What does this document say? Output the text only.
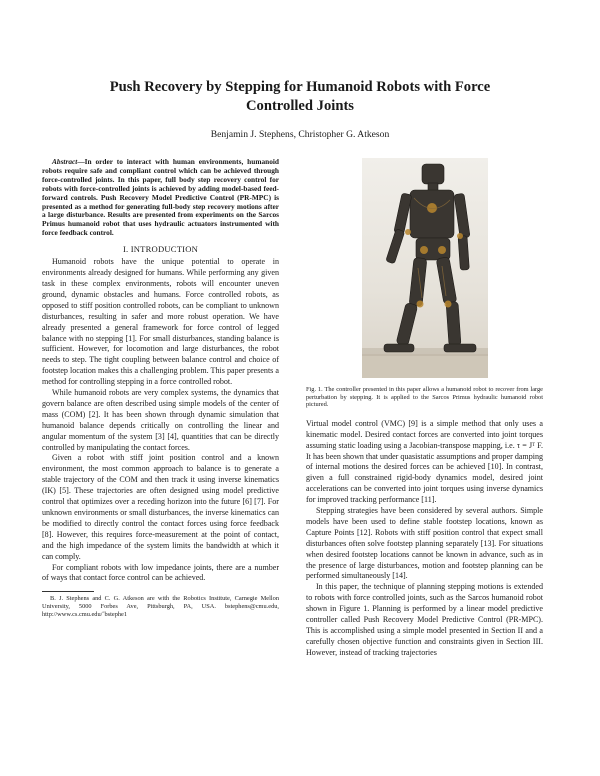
Push Recovery by Stepping for Humanoid Robots with Force
Controlled Joints
Benjamin J. Stephens, Christopher G. Atkeson

Abstract—In order to interact with human environments, humanoid robots require safe and compliant control which can be achieved through force-controlled joints. In this paper, full body step recovery control for robots with force-controlled joints is achieved by adding model-based feed-forward controls. Push Recovery Model Predictive Control (PR-MPC) is presented as a method for generating full-body step recovery motions after a large disturbance. Results are presented from experiments on the Sarcos Primus humanoid robot that uses hydraulic actuators instrumented with force feedback control.

I. INTRODUCTION

Humanoid robots have the unique potential to operate in environments already designed for humans. While performing any given task in these complex environments, robots will encounter uneven ground, dynamic obstacles and humans. Force controlled robots, as opposed to stiff position controlled robots, can be compliant to unknown disturbances, resulting in safer and more robust operation. We have already presented a general framework for force control of legged balance with no stepping [1]. For small disturbances, standing balance is sufficient. However, for locomotion and large disturbances, the robot needs to step. The tight coupling between balance control and choice of footstep location makes this a challenging problem. This paper presents a method for controlling stepping in a force controlled robot.

While humanoid robots are very complex systems, the dynamics that govern balance are often described using simple models of the center of mass (COM) [2]. It has been shown through dynamic simulation that humanoid balance depends critically on controlling the linear and angular momentum of the system [3] [4], quantities that can be directly controlled by manipulating the contact forces.

Given a robot with stiff joint position control and a known environment, the most common approach to balance is to generate a stable trajectory of the COM and then track it using inverse kinematics (IK) [5]. These trajectories are often designed using model predictive control that optimizes over a receding horizon into the future [6] [7]. For unknown environments or small disturbances, the inverse kinematics can be modified to directly control the contact forces using force feedback [8]. However, this requires force-measurement at the point of contact, and the high impedance of the system limits the bandwidth at which it can comply.

For compliant robots with low impedance joints, there are a number of ways that contact force control can be achieved.

B. J. Stephens and C. G. Atkeson are with the Robotics Institute, Carnegie Mellon University, 5000 Forbes Ave, Pittsburgh, PA, USA. bstephens@cmu.edu, http://www.cs.cmu.edu/˜bstephe1

Fig. 1. The controller presented in this paper allows a humanoid robot to recover from large perturbation by stepping. It is applied to the Sarcos Primus hydraulic humanoid robot pictured.

Virtual model control (VMC) [9] is a simple method that only uses a kinematic model. Desired contact forces are converted into joint torques assuming static loading using a Jacobian-transpose mapping, i.e. τ = Jᵀ F. It has been shown that under quasistatic assumptions and proper damping of internal motions the desired forces can be achieved [10]. In contrast, given a full constrained rigid-body dynamics model, desired joint accelerations can be converted into joint torques using inverse dynamics for improved tracking performance [11].

Stepping strategies have been considered by several authors. Simple models have been used to define stable footstep locations, known as Capture Points [12]. Robots with stiff position control that expect small disturbances often solve footstep planning separately [13]. For situations when desired footstep locations cannot be known in advance, such as in the presence of large disturbances, motion and footstep planning can be performed simultaneously [14].

In this paper, the technique of planning stepping motions is extended to robots with force controlled joints, such as the Sarcos humanoid robot shown in Figure 1. Planning is performed by a linear model predictive controller called Push Recovery Model Predictive Control (PR-MPC). This is accomplished using a simple model presented in Section II and a carefully chosen objective function and constraints given in Section III. However, instead of tracking trajectories
